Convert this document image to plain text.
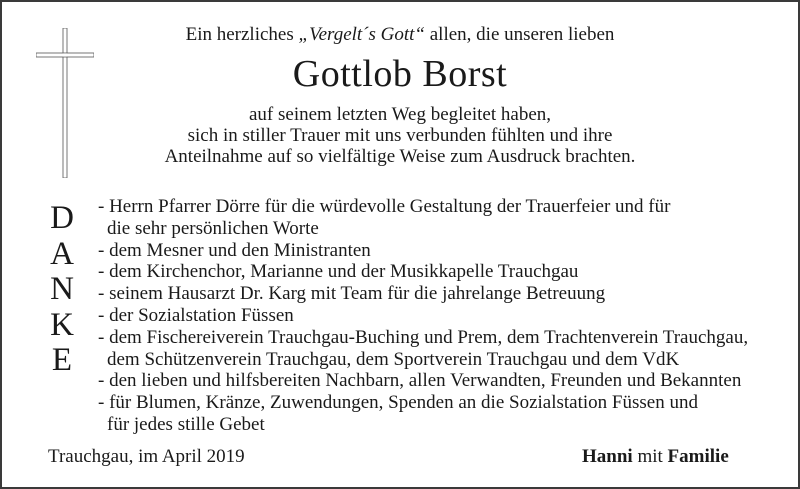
Ein herzliches „Vergelt´s Gott“ allen, die unseren lieben
Gottlob Borst
auf seinem letzten Weg begleitet haben,
sich in stiller Trauer mit uns verbunden fühlten und ihre
Anteilnahme auf so vielfältige Weise zum Ausdruck brachten.
D
A
N
K
E
- Herrn Pfarrer Dörre für die würdevolle Gestaltung der Trauerfeier und für
die sehr persönlichen Worte
- dem Mesner und den Ministranten
- dem Kirchenchor, Marianne und der Musikkapelle Trauchgau
- seinem Hausarzt Dr. Karg mit Team für die jahrelange Betreuung
- der Sozialstation Füssen
- dem Fischereiverein Trauchgau-Buching und Prem, dem Trachtenverein Trauchgau,
dem Schützenverein Trauchgau, dem Sportverein Trauchgau und dem VdK
- den lieben und hilfsbereiten Nachbarn, allen Verwandten, Freunden und Bekannten
- für Blumen, Kränze, Zuwendungen, Spenden an die Sozialstation Füssen und
für jedes stille Gebet
Trauchgau, im April 2019	Hanni mit Familie
